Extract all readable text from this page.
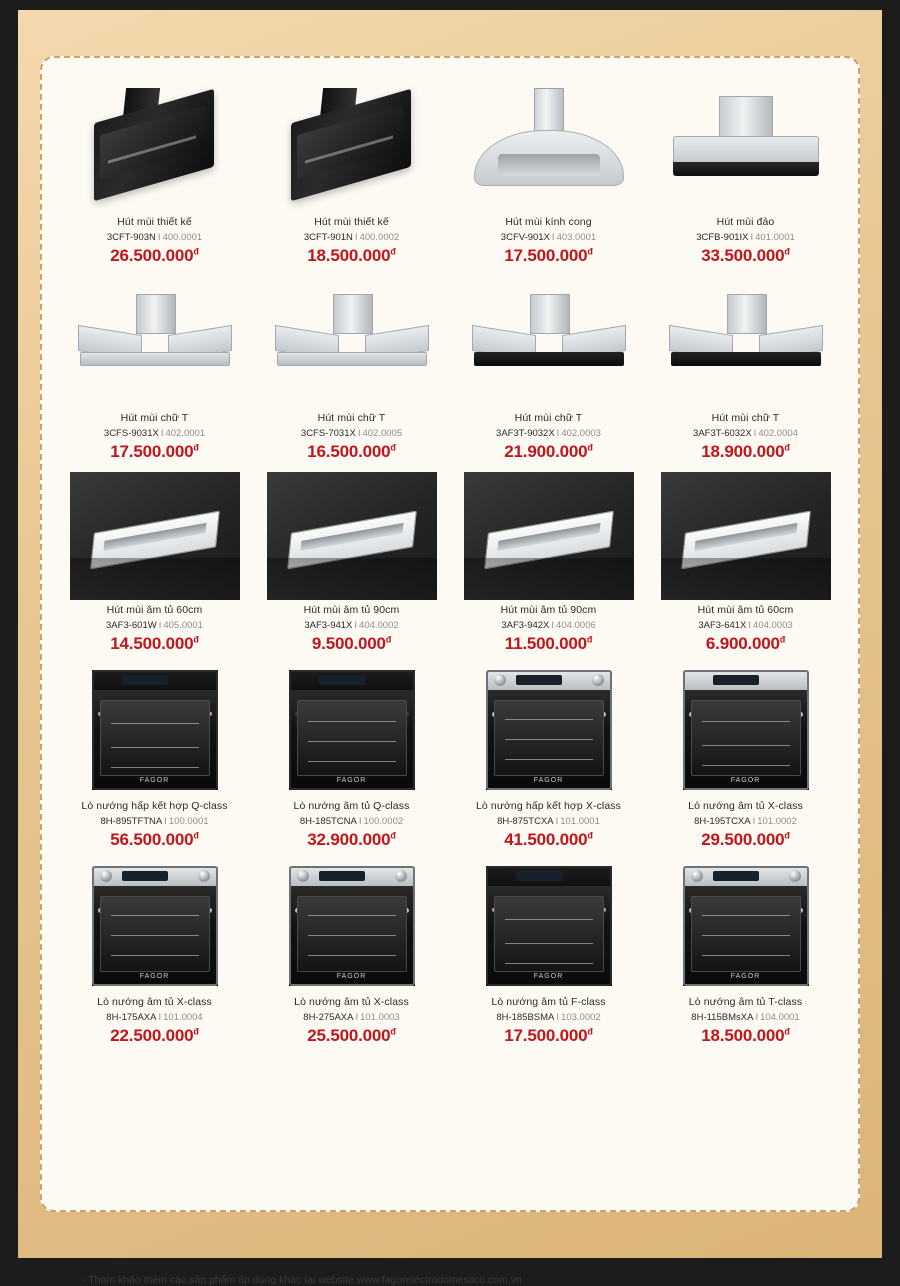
Hút mùi thiết kế
3CFT-903N I 400.0001
$26.500.000^đ$
Hút mùi thiết kế
3CFT-901N I 400.0002
$18.500.000^đ$
Hút mùi kính cong
3CFV-901X I 403.0001
$17.500.000^đ$
Hút mùi đảo
3CFB-901IX I 401.0001
$33.500.000^đ$
Hút mùi chữ T
3CFS-9031X I 402.0001
$17.500.000^đ$
Hút mùi chữ T
3CFS-7031X I 402.0005
$16.500.000^đ$
Hút mùi chữ T
3AF3T-9032X I 402.0003
$21.900.000^đ$
Hút mùi chữ T
3AF3T-6032X I 402.0004
$18.900.000^đ$
Hút mùi âm tủ 60cm
3AF3-601W I 405.0001
$14.500.000^đ$
Hút mùi âm tủ 90cm
3AF3-941X I 404.0002
$9.500.000^đ$
Hút mùi âm tủ 90cm
3AF3-942X I 404.0006
$11.500.000^đ$
Hút mùi âm tủ 60cm
3AF3-641X I 404.0003
$6.900.000^đ$
FAGOR
Lò nướng hấp kết hợp Q-class
8H-895TFTNA I 100.0001
$56.500.000^đ$
FAGOR
Lò nướng âm tủ Q-class
8H-185TCNA I 100.0002
$32.900.000^đ$
FAGOR
Lò nướng hấp kết hợp X-class
8H-875TCXA I 101.0001
$41.500.000^đ$
FAGOR
Lò nướng âm tủ X-class
8H-195TCXA I 101.0002
$29.500.000^đ$
FAGOR
Lò nướng âm tủ X-class
8H-175AXA I 101.0004
$22.500.000^đ$
FAGOR
Lò nướng âm tủ X-class
8H-275AXA I 101.0003
$25.500.000^đ$
FAGOR
Lò nướng âm tủ F-class
8H-185BSMA I 103.0002
$17.500.000^đ$
FAGOR
Lò nướng âm tủ T-class
8H-115BMsXA I 104.0001
$18.500.000^đ$
- Tham khảo thêm các sản phẩm áp dụng khác tại website www.fagorelectrodomestico.com.vn
